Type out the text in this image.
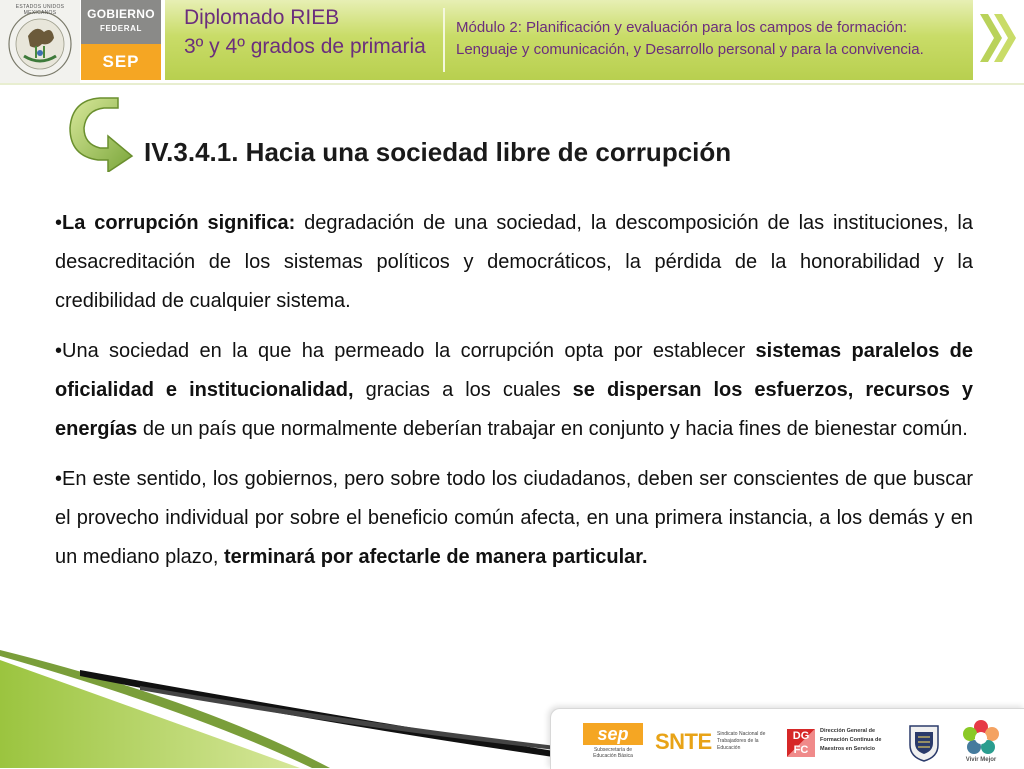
ESTADOS UNIDOS MEXICANOS	GOBIERNO
FEDERAL
SEP
Diplomado RIEB
3º y 4º grados de primaria
Módulo 2: Planificación y evaluación para los campos de formación:
Lenguaje y comunicación, y Desarrollo personal y para la convivencia.
IV.3.4.1. Hacia una sociedad libre de corrupción

•La corrupción significa: degradación de una sociedad, la descomposición de las instituciones, la desacreditación de los sistemas políticos y democráticos, la pérdida de la honorabilidad y la credibilidad de cualquier sistema.

•Una sociedad en la que ha permeado la corrupción opta por establecer sistemas paralelos de oficialidad e institucionalidad, gracias a los cuales se dispersan los esfuerzos, recursos y energías de un país que normalmente deberían trabajar en conjunto y hacia fines de bienestar común.

•En este sentido, los gobiernos, pero sobre todo los ciudadanos, deben ser conscientes de que buscar el provecho individual por sobre el beneficio común afecta, en una primera instancia, a los demás y en un mediano plazo, terminará por afectarle de manera particular.

sep
Subsecretaría de Educación Básica
SNTE Sindicato Nacional de Trabajadores de la Educación
DG FC
Dirección General de Formación Continua de Maestros en Servicio
Vivir Mejor
